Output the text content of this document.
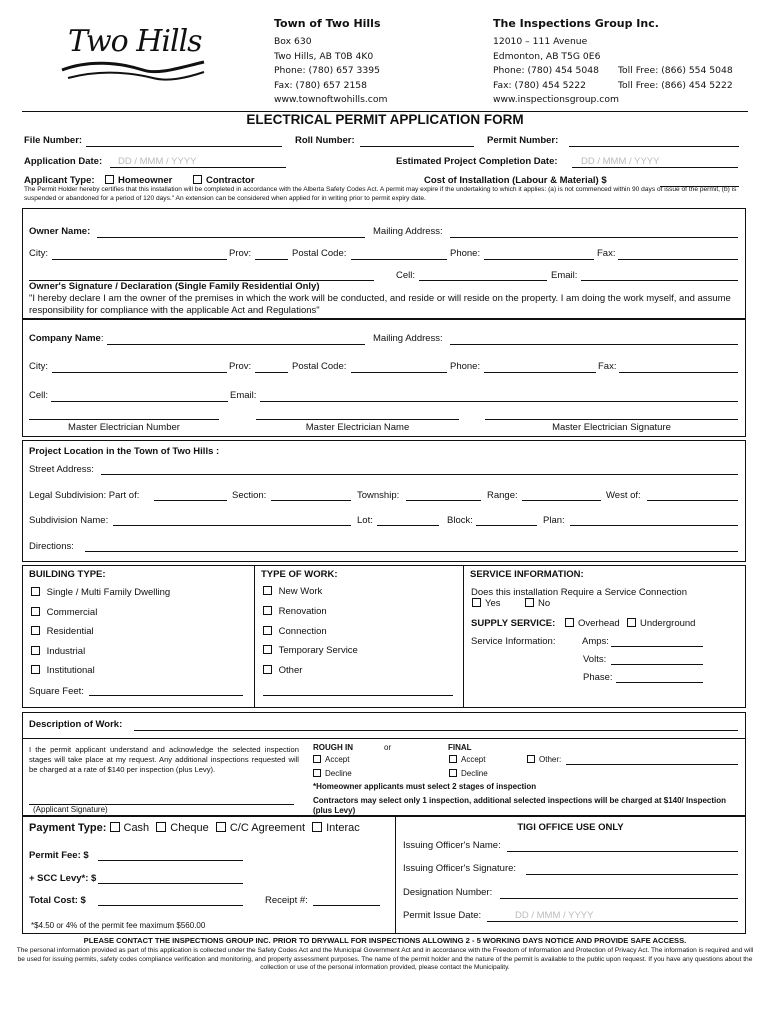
Two Hills
Town of Two Hills
Box 630
Two Hills, AB T0B 4K0
Phone: (780) 657 3395
Fax: (780) 657 2158
www.townoftwohills.com
The Inspections Group Inc.
12010 – 111 Avenue
Edmonton, AB T5G 0E6
Phone: (780) 454 5048
Fax: (780) 454 5222
www.inspectionsgroup.com
Toll Free: (866) 554 5048
Toll Free: (866) 454 5222
ELECTRICAL PERMIT APPLICATION FORM
File Number:	Roll Number:	Permit Number:
Application Date: DD / MMM / YYYY	Estimated Project Completion Date: DD / MMM / YYYY
Applicant Type:	Homeowner	Contractor	Cost of Installation (Labour & Material) $
The Permit Holder hereby certifies that this installation will be completed in accordance with the Alberta Safety Codes Act. A permit may expire if the undertaking to which it applies: (a) is not commenced within 90 days of issue of the permit, (b) is suspended or abandoned for a period of 120 days." An extension can be considered when applied for in writing prior to permit expiry date.
Owner Name:	Mailing Address:
City:	Prov:	Postal Code:	Phone:	Fax:
Cell:	Email:
Owner's Signature / Declaration (Single Family Residential Only)
"I hereby declare I am the owner of the premises in which the work will be conducted, and reside or will reside on the property. I am doing the work myself, and assume responsibility for compliance with the applicable Act and Regulations"
Company Name:	Mailing Address:
City:	Prov:	Postal Code:	Phone:	Fax:
Cell:	Email:
Master Electrician Number	Master Electrician Name	Master Electrician Signature
Project Location in the Town of Two Hills :
Street Address:
Legal Subdivision: Part of:	Section:	Township:	Range:	West of:
Subdivision Name:	Lot:	Block:	Plan:
Directions:
BUILDING TYPE:
Single / Multi Family Dwelling
Commercial
Residential
Industrial
Institutional
Square Feet:
TYPE OF WORK:
New Work
Renovation
Connection
Temporary Service
Other
SERVICE INFORMATION:
Does this installation Require a Service Connection
Yes	No
SUPPLY SERVICE:	Overhead	Underground
Service Information:	Amps:
Volts:
Phase:
Description of Work:
I the permit applicant understand and acknowledge the selected inspection stages will take place at my request. Any additional inspections requested will be charged at a rate of $140 per inspection (plus Levy).
(Applicant Signature)
ROUGH IN	or	FINAL
Accept	Accept	Other:
Decline	Decline
*Homeowner applicants must select 2 stages of inspection
Contractors may select only 1 inspection, additional selected inspections will be charged at $140/ Inspection (plus Levy)
Payment Type: Cash Cheque C/C Agreement Interac
Permit Fee: $
+ SCC Levy*: $
Total Cost: $	Receipt #:
*$4.50 or 4% of the permit fee maximum $560.00
TIGI OFFICE USE ONLY
Issuing Officer's Name:
Issuing Officer's Signature:
Designation Number:
Permit Issue Date:	DD / MMM / YYYY
PLEASE CONTACT THE INSPECTIONS GROUP INC. PRIOR TO DRYWALL FOR INSPECTIONS ALLOWING 2 - 5 WORKING DAYS NOTICE AND PROVIDE SAFE ACCESS.
The personal information provided as part of this application is collected under the Safety Codes Act and the Municipal Government Act and in accordance with the Freedom of Information and Protection of Privacy Act. The information is required and will be used for issuing permits, safety codes compliance verification and monitoring, and property assessment purposes. The name of the permit holder and the nature of the permit is available to the public upon request. If you have any questions about the collection or use of the personal information provided, please contact the Municipality.
